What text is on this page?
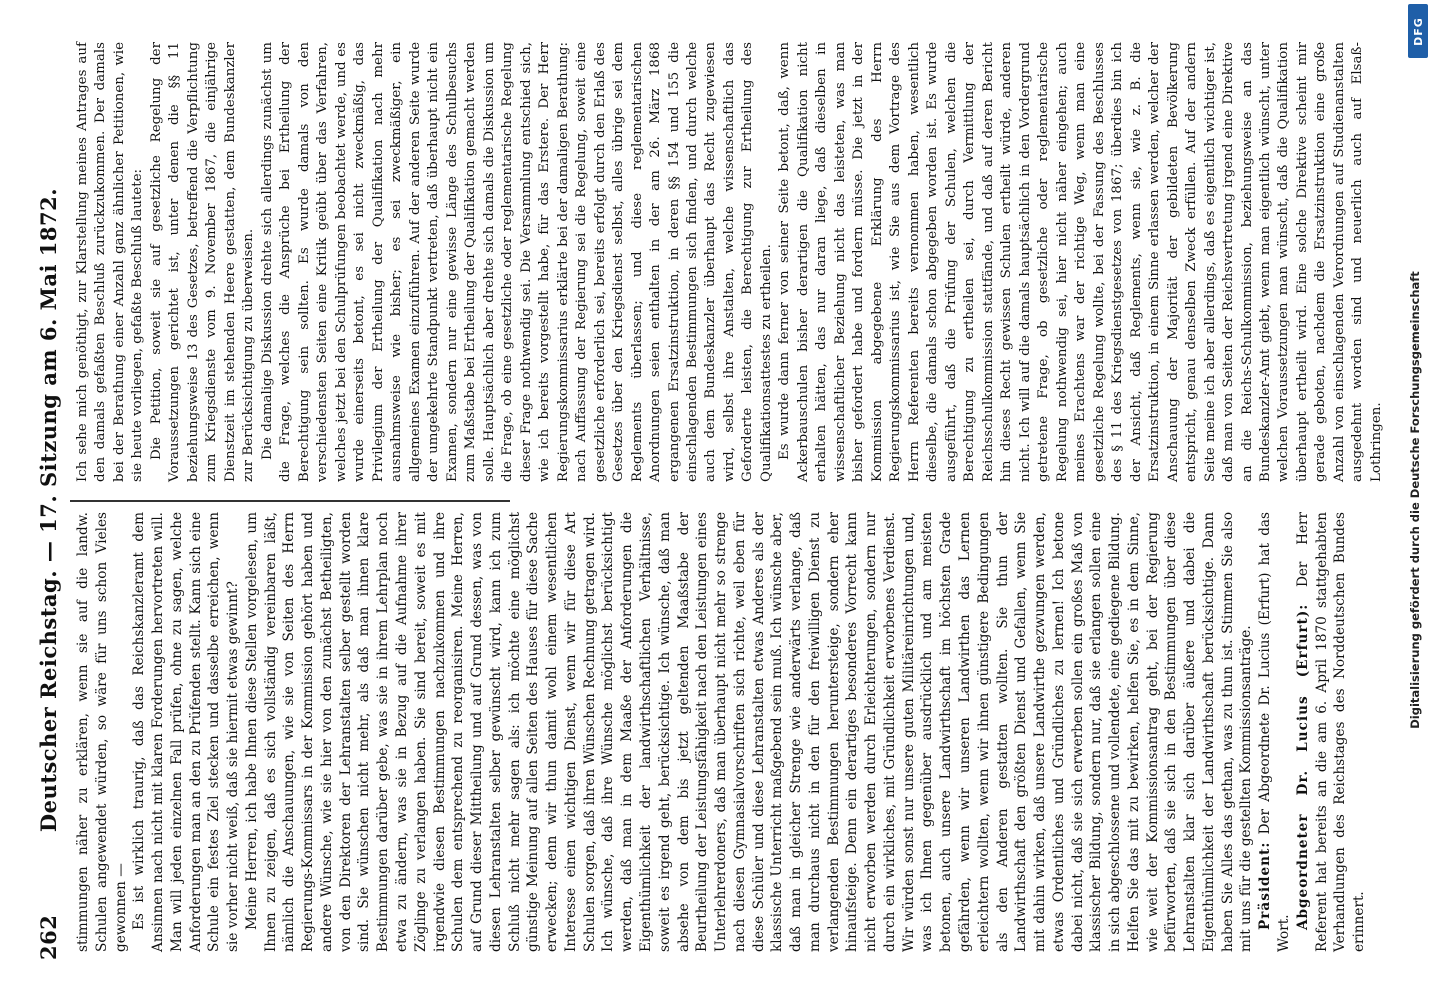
262
Deutscher Reichstag. — 17. Sitzung am 6. Mai 1872. stimmungen näher zu erklären, wenn sie auf die landw. Schulen angewendet würden, so wäre für uns schon Vieles gewonnen — Es ist wirklich traurig, daß das Reichskanzleramt dem Ansinnen nach nicht mit klaren Forderungen hervortreten will. Man will jeden einzelnen Fall prüfen, ohne zu sagen, welche Anforderungen man an den zu Prüfenden stellt. Kann sich eine Schule ein festes Ziel stecken und dasselbe erreichen, wenn sie vorher nicht weiß, daß sie hiermit etwas gewinnt? Meine Herren, ich habe Ihnen diese Stellen vorgelesen, um Ihnen zu zeigen, daß es sich vollständig vereinbaren läßt, nämlich die Anschauungen, wie sie von Seiten des Herrn Regierungs-Kommissars in der Kommission gehört haben und andere Wünsche, wie sie hier von den zunächst Betheiligten, von den Direktoren der Lehranstalten selber gestellt worden sind. Sie wünschen nicht mehr, als daß man ihnen klare Bestimmungen darüber gebe, was sie in ihrem Lehrplan noch etwa zu ändern, was sie in Bezug auf die Aufnahme ihrer Zöglinge zu verlangen haben. Sie sind bereit, soweit es mit irgendwie diesen Bestimmungen nachzukommen und ihre Schulen dem entsprechend zu reorganisiren. Meine Herren, auf Grund dieser Mittheilung und auf Grund dessen, was von diesen Lehranstalten selber gewünscht wird, kann ich zum Schluß nicht mehr sagen als: ich möchte eine möglichst günstige Meinung auf allen Seiten des Hauses für diese Sache erwecken; denn wir thun damit wohl einem wesentlichen Interesse einen wichtigen Dienst, wenn wir für diese Art Schulen sorgen, daß ihren Wünschen Rechnung getragen wird. Ich wünsche, daß ihre Wünsche möglichst berücksichtigt werden, daß man in dem Maaße der Anforderungen die Eigenthümlichkeit der landwirthschaftlichen Verhältnisse, soweit es irgend geht, berücksichtige. Ich wünsche, daß man absehe von dem bis jetzt geltenden Maaßstabe der Beurtheilung der Leistungsfähigkeit nach den Leistungen eines Unterlehrerdoners, daß man überhaupt nicht mehr so strenge nach diesen Gymnasialvorschriften sich richte, weil eben für diese Schüler und diese Lehranstalten etwas Anderes als der klassische Unterricht maßgebend sein muß. Ich wünsche aber, daß man in gleicher Strenge wie anderwärts verlange, daß man durchaus nicht in den für den freiwilligen Dienst zu verlangenden Bestimmungen heruntersteige, sondern eher hinaufsteige. Denn ein derartiges besonderes Vorrecht kann nicht erworben werden durch Erleichterungen, sondern nur durch ein wirkliches, mit Gründlichkeit erworbenes Verdienst. Wir würden sonst nur unsere guten Militäreinrichtungen und, was ich Ihnen gegenüber ausdrücklich und am meisten betonen, auch unsere Landwirthschaft im höchsten Grade gefährden, wenn wir unseren Landwirthen das Lernen erleichtern wollten, wenn wir ihnen günstigere Bedingungen als den Anderen gestatten wollten. Sie thun der Landwirthschaft den größten Dienst und Gefallen, wenn Sie mit dahin wirken, daß unsere Landwirthe gezwungen werden, etwas Ordentliches und Gründliches zu lernen! Ich betone dabei nicht, daß sie sich erwerben sollen ein großes Maß von klassischer Bildung, sondern nur, daß sie erlangen sollen eine in sich abgeschlossene und vollendete, eine gediegene Bildung. Helfen Sie das mit zu bewirken, helfen Sie, es in dem Sinne, wie weit der Kommissionsantrag geht, bei der Regierung befürworten, daß sie sich in den Bestimmungen über diese Lehranstalten klar sich darüber äußere und dabei die Eigenthümlichkeit der Landwirthschaft berücksichtige. Dann haben Sie Alles das gethan, was zu thun ist. Stimmen Sie also mit uns für die gestellten Kommissionsanträge. Präsident: Der Abgeordnete Dr. Lucius (Erfurt) hat das Wort.

Abgeordneter Dr. Lucius (Erfurt): Der Herr Referent hat bereits an die am 6. April 1870 stattgehabten Verhandlungen des Reichstages des Norddeutschen Bundes erinnert.

Ich sehe mich genöthigt, zur Klarstellung meines Antrages auf den damals gefaßten Beschluß zurückzukommen. Der damals bei der Berathung einer Anzahl ganz ähnlicher Petitionen, wie sie heute vorliegen, gefaßte Beschluß lautete: Die Petition, soweit sie auf gesetzliche Regelung der Voraussetzungen gerichtet ist, unter denen die §§ 11 beziehungsweise 13 des Gesetzes, betreffend die Verpflichtung zum Kriegsdienste vom 9. November 1867, die einjährige Dienstzeit im stehenden Heere gestatten, dem Bundeskanzler zur Berücksichtigung zu überweisen. Die damalige Diskussion drehte sich allerdings zunächst um die Frage, welches die Ansprüche bei Ertheilung der Berechtigung sein sollten. Es wurde damals von den verschiedensten Seiten eine Kritik geübt über das Verfahren, welches jetzt bei den Schulprüfungen beobachtet werde, und es wurde einerseits betont, es sei nicht zweckmäßig, das Privilegium der Ertheilung der Qualifikation nach mehr ausnahmsweise wie bisher; es sei zweckmäßiger, ein allgemeines Examen einzuführen. Auf der anderen Seite wurde der umgekehrte Standpunkt vertreten, daß überhaupt nicht ein Examen, sondern nur eine gewisse Länge des Schulbesuchs zum Maßstabe bei Ertheilung der Qualifikation gemacht werden solle. Hauptsächlich aber drehte sich damals die Diskussion um die Frage, ob eine gesetzliche oder reglementarische Regelung dieser Frage nothwendig sei. Die Versammlung entschied sich, wie ich bereits vorgestellt habe, für das Erstere. Der Herr Regierungskommissarius erklärte bei der damaligen Berathung: nach Auffassung der Regierung sei die Regelung, soweit eine gesetzliche erforderlich sei, bereits erfolgt durch den Erlaß des Gesetzes über den Kriegsdienst selbst, alles übrige sei dem Reglements überlassen; und diese reglementarischen Anordnungen seien enthalten in der am 26. März 1868 ergangenen Ersatzinstruktion, in deren §§ 154 und 155 die einschlagenden Bestimmungen sich finden, und durch welche auch dem Bundeskanzler überhaupt das Recht zugewiesen wird, selbst ihre Anstalten, welche wissenschaftlich das Geforderte leisten, die Berechtigung zur Ertheilung des Qualifikationsattestes zu ertheilen. Es wurde dann ferner von seiner Seite betont, daß, wenn Ackerbauschulen bisher derartigen die Qualifikation nicht erhalten hätten, das nur daran liege, daß dieselben in wissenschaftlicher Beziehung nicht das leisteten, was man bisher gefordert habe und fordern müsse. Die jetzt in der Kommission abgegebene Erklärung des Herrn Regierungskommissarius ist, wie Sie aus dem Vortrage des Herrn Referenten bereits vernommen haben, wesentlich dieselbe, die damals schon abgegeben worden ist. Es wurde ausgeführt, daß die Prüfung der Schulen, welchen die Berechtigung zu ertheilen sei, durch Vermittlung der Reichsschulkommission stattfände, und daß auf deren Bericht hin dieses Recht gewissen Schulen ertheilt würde, anderen nicht. Ich will auf die damals hauptsächlich in den Vordergrund getretene Frage, ob gesetzliche oder reglementarische Regelung nothwendig sei, hier nicht näher eingehen; auch meines Erachtens war der richtige Weg, wenn man eine gesetzliche Regelung wollte, bei der Fassung des Beschlusses des § 11 des Kriegsdienstgesetzes von 1867; überdies bin ich der Ansicht, daß Reglements, wenn sie, wie z. B. die Ersatzinstruktion, in einem Sinne erlassen werden, welcher der Anschauung der Majorität der gebildeten Bevölkerung entspricht, genau denselben Zweck erfüllen. Auf der andern Seite meine ich aber allerdings, daß es eigentlich wichtiger ist, daß man von Seiten der Reichsvertretung irgend eine Direktive an die Reichs-Schulkommission, beziehungsweise an das Bundeskanzler-Amt giebt, wenn man eigentlich wünscht, unter welchen Voraussetzungen man wünscht, daß die Qualifikation überhaupt ertheilt wird. Eine solche Direktive scheint mir gerade geboten, nachdem die Ersatzinstruktion eine große Anzahl von einschlagenden Verordnungen auf Studienanstalten ausgedehnt worden sind und neuerlich auch auf Elsaß-Lothringen.

DFG
Digitalisierung gefördert durch die Deutsche Forschungsgemeinschaft
